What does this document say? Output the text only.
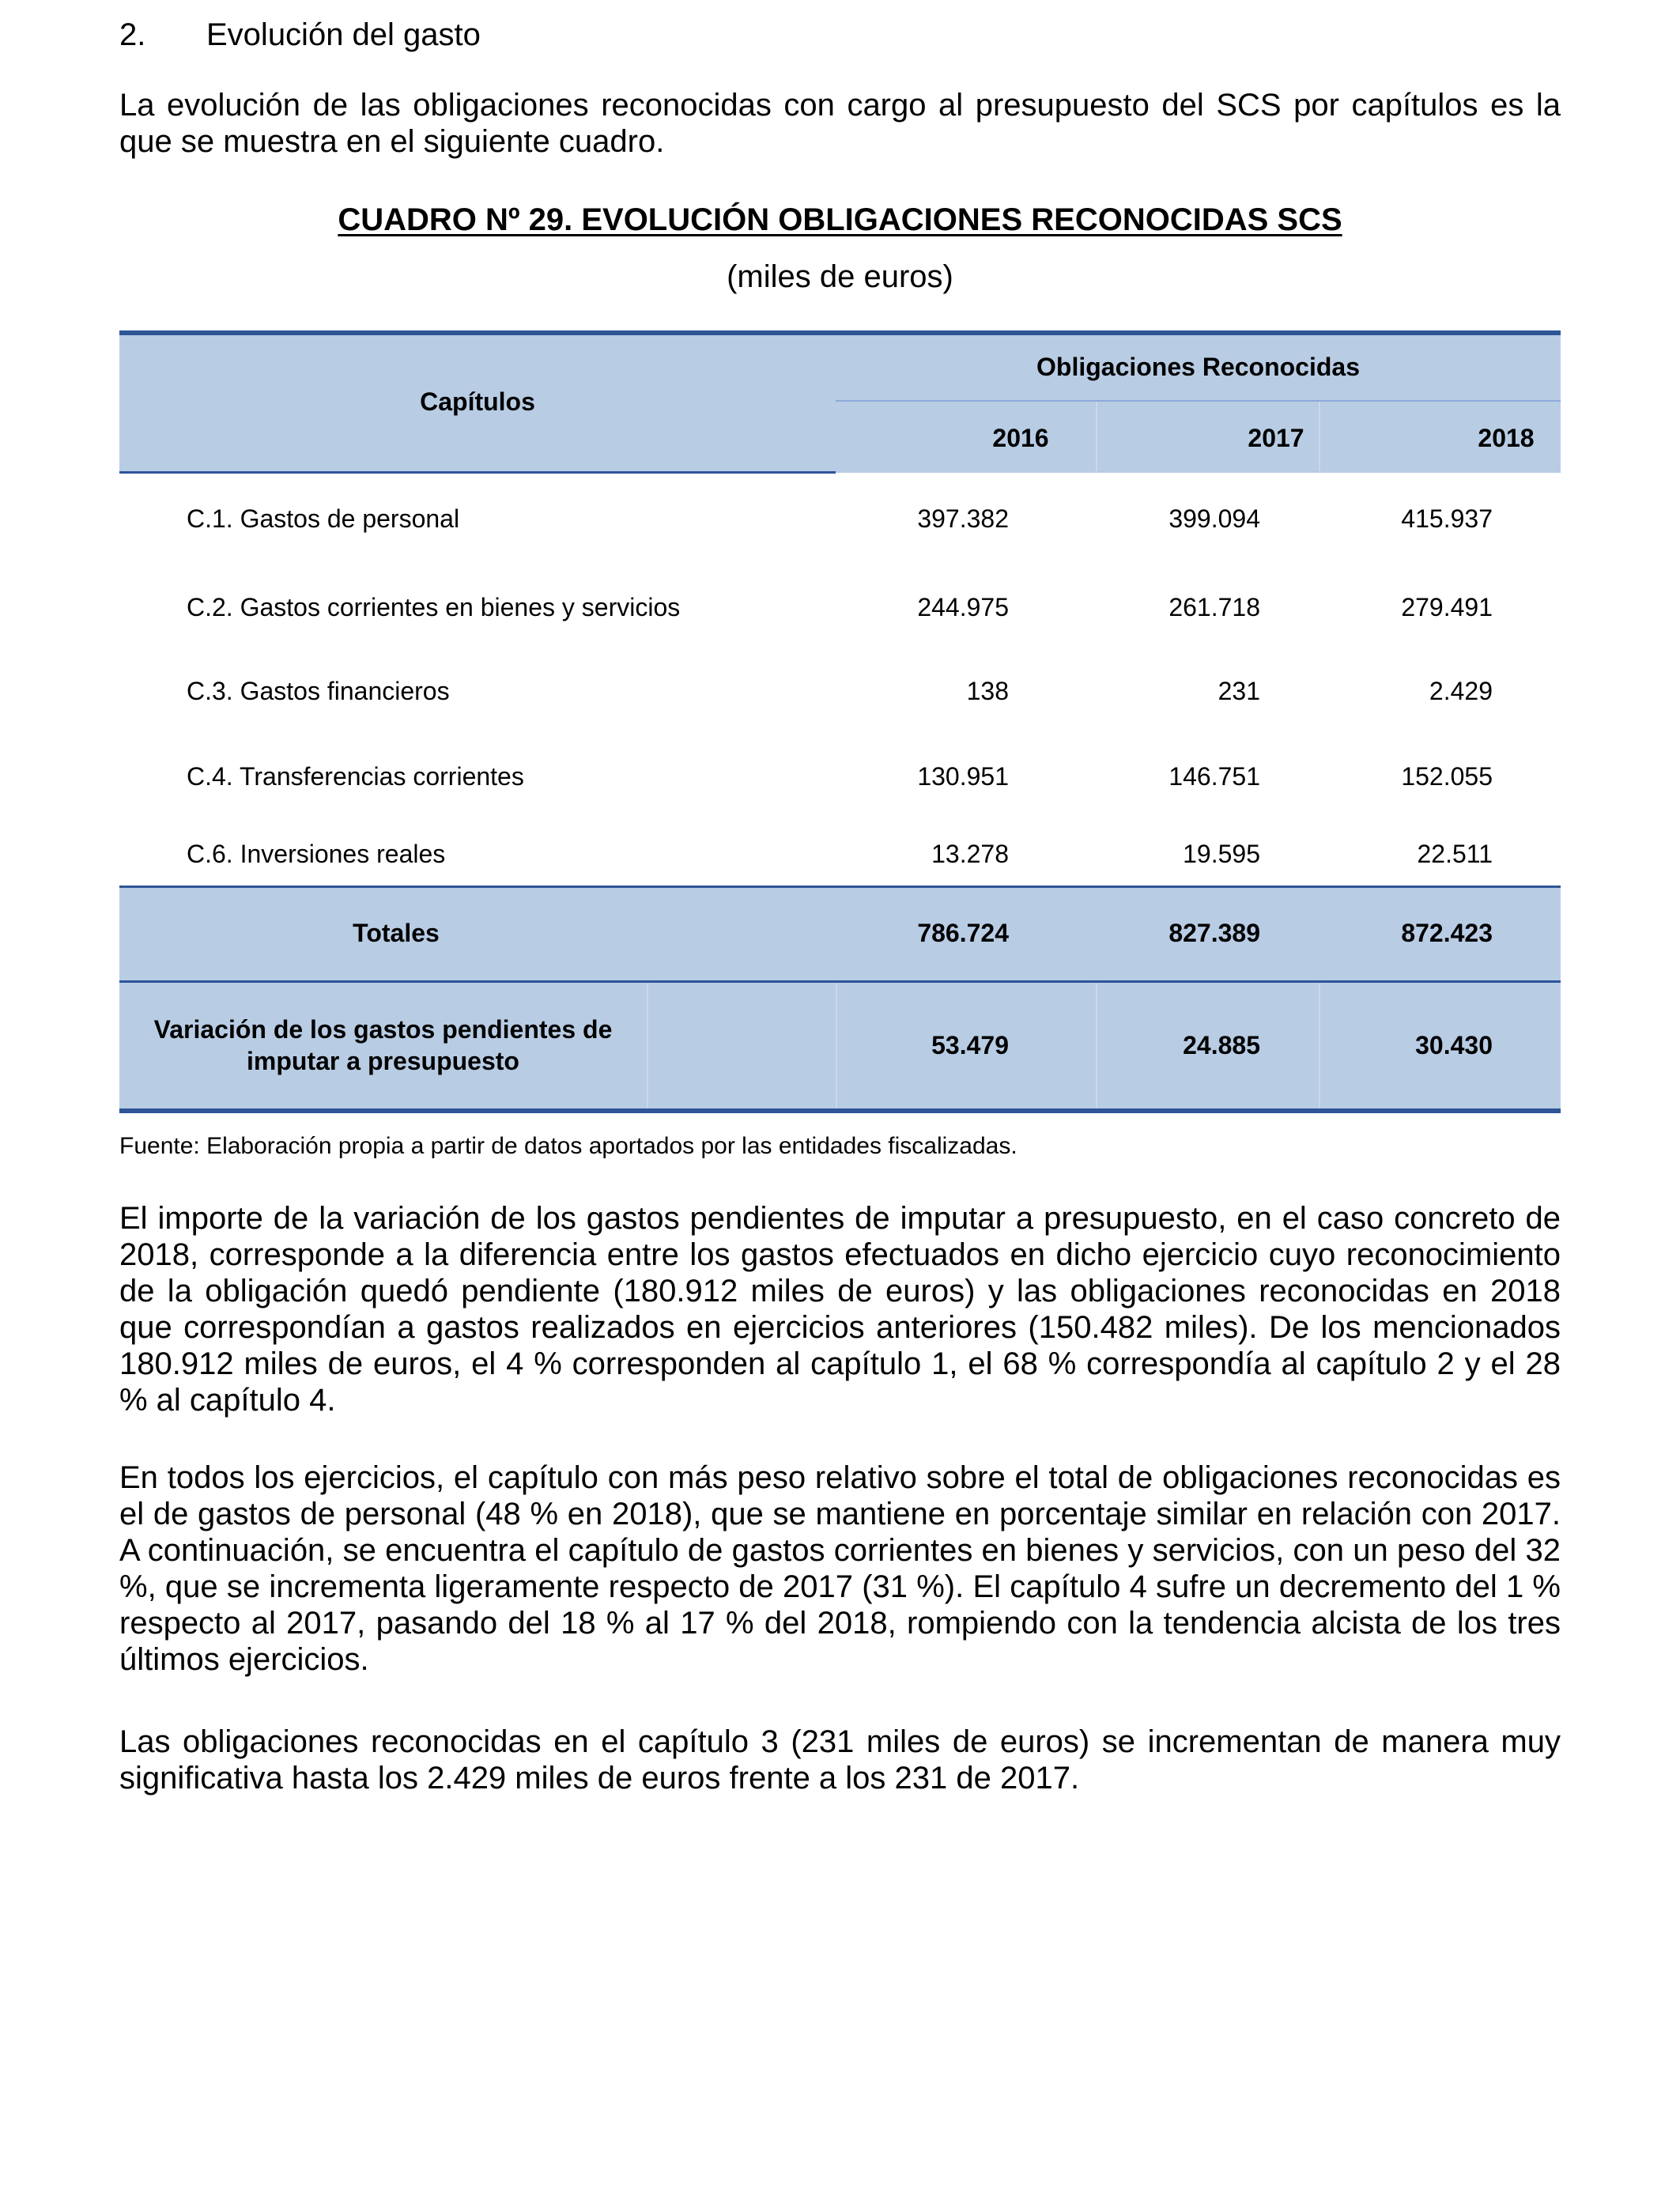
2. Evolución del gasto

La evolución de las obligaciones reconocidas con cargo al presupuesto del SCS por capítulos es la que se muestra en el siguiente cuadro.

CUADRO Nº 29. EVOLUCIÓN OBLIGACIONES RECONOCIDAS SCS
(miles de euros)
Capítulos
Obligaciones Reconocidas
2016	2017	2018
C.1. Gastos de personal	397.382	399.094	415.937
C.2. Gastos corrientes en bienes y servicios	244.975	261.718	279.491
C.3. Gastos financieros	138	231	2.429
C.4. Transferencias corrientes	130.951	146.751	152.055
C.6. Inversiones reales	13.278	19.595	22.511
Totales	786.724	827.389	872.423
Variación de los gastos pendientes de
imputar a presupuesto
53.479	24.885	30.430
Fuente: Elaboración propia a partir de datos aportados por las entidades fiscalizadas.

El importe de la variación de los gastos pendientes de imputar a presupuesto, en el caso concreto de 2018, corresponde a la diferencia entre los gastos efectuados en dicho ejercicio cuyo reconocimiento de la obligación quedó pendiente (180.912 miles de euros) y las obligaciones reconocidas en 2018 que correspondían a gastos realizados en ejercicios anteriores (150.482 miles). De los mencionados 180.912 miles de euros, el 4 % corresponden al capítulo 1, el 68 % correspondía al capítulo 2 y el 28 % al capítulo 4.

En todos los ejercicios, el capítulo con más peso relativo sobre el total de obligaciones reconocidas es el de gastos de personal (48 % en 2018), que se mantiene en porcentaje similar en relación con 2017. A continuación, se encuentra el capítulo de gastos corrientes en bienes y servicios, con un peso del 32 %, que se incrementa ligeramente respecto de 2017 (31 %). El capítulo 4 sufre un decremento del 1 % respecto al 2017, pasando del 18 % al 17 % del 2018, rompiendo con la tendencia alcista de los tres últimos ejercicios.

Las obligaciones reconocidas en el capítulo 3 (231 miles de euros) se incrementan de manera muy significativa hasta los 2.429 miles de euros frente a los 231 de 2017.
